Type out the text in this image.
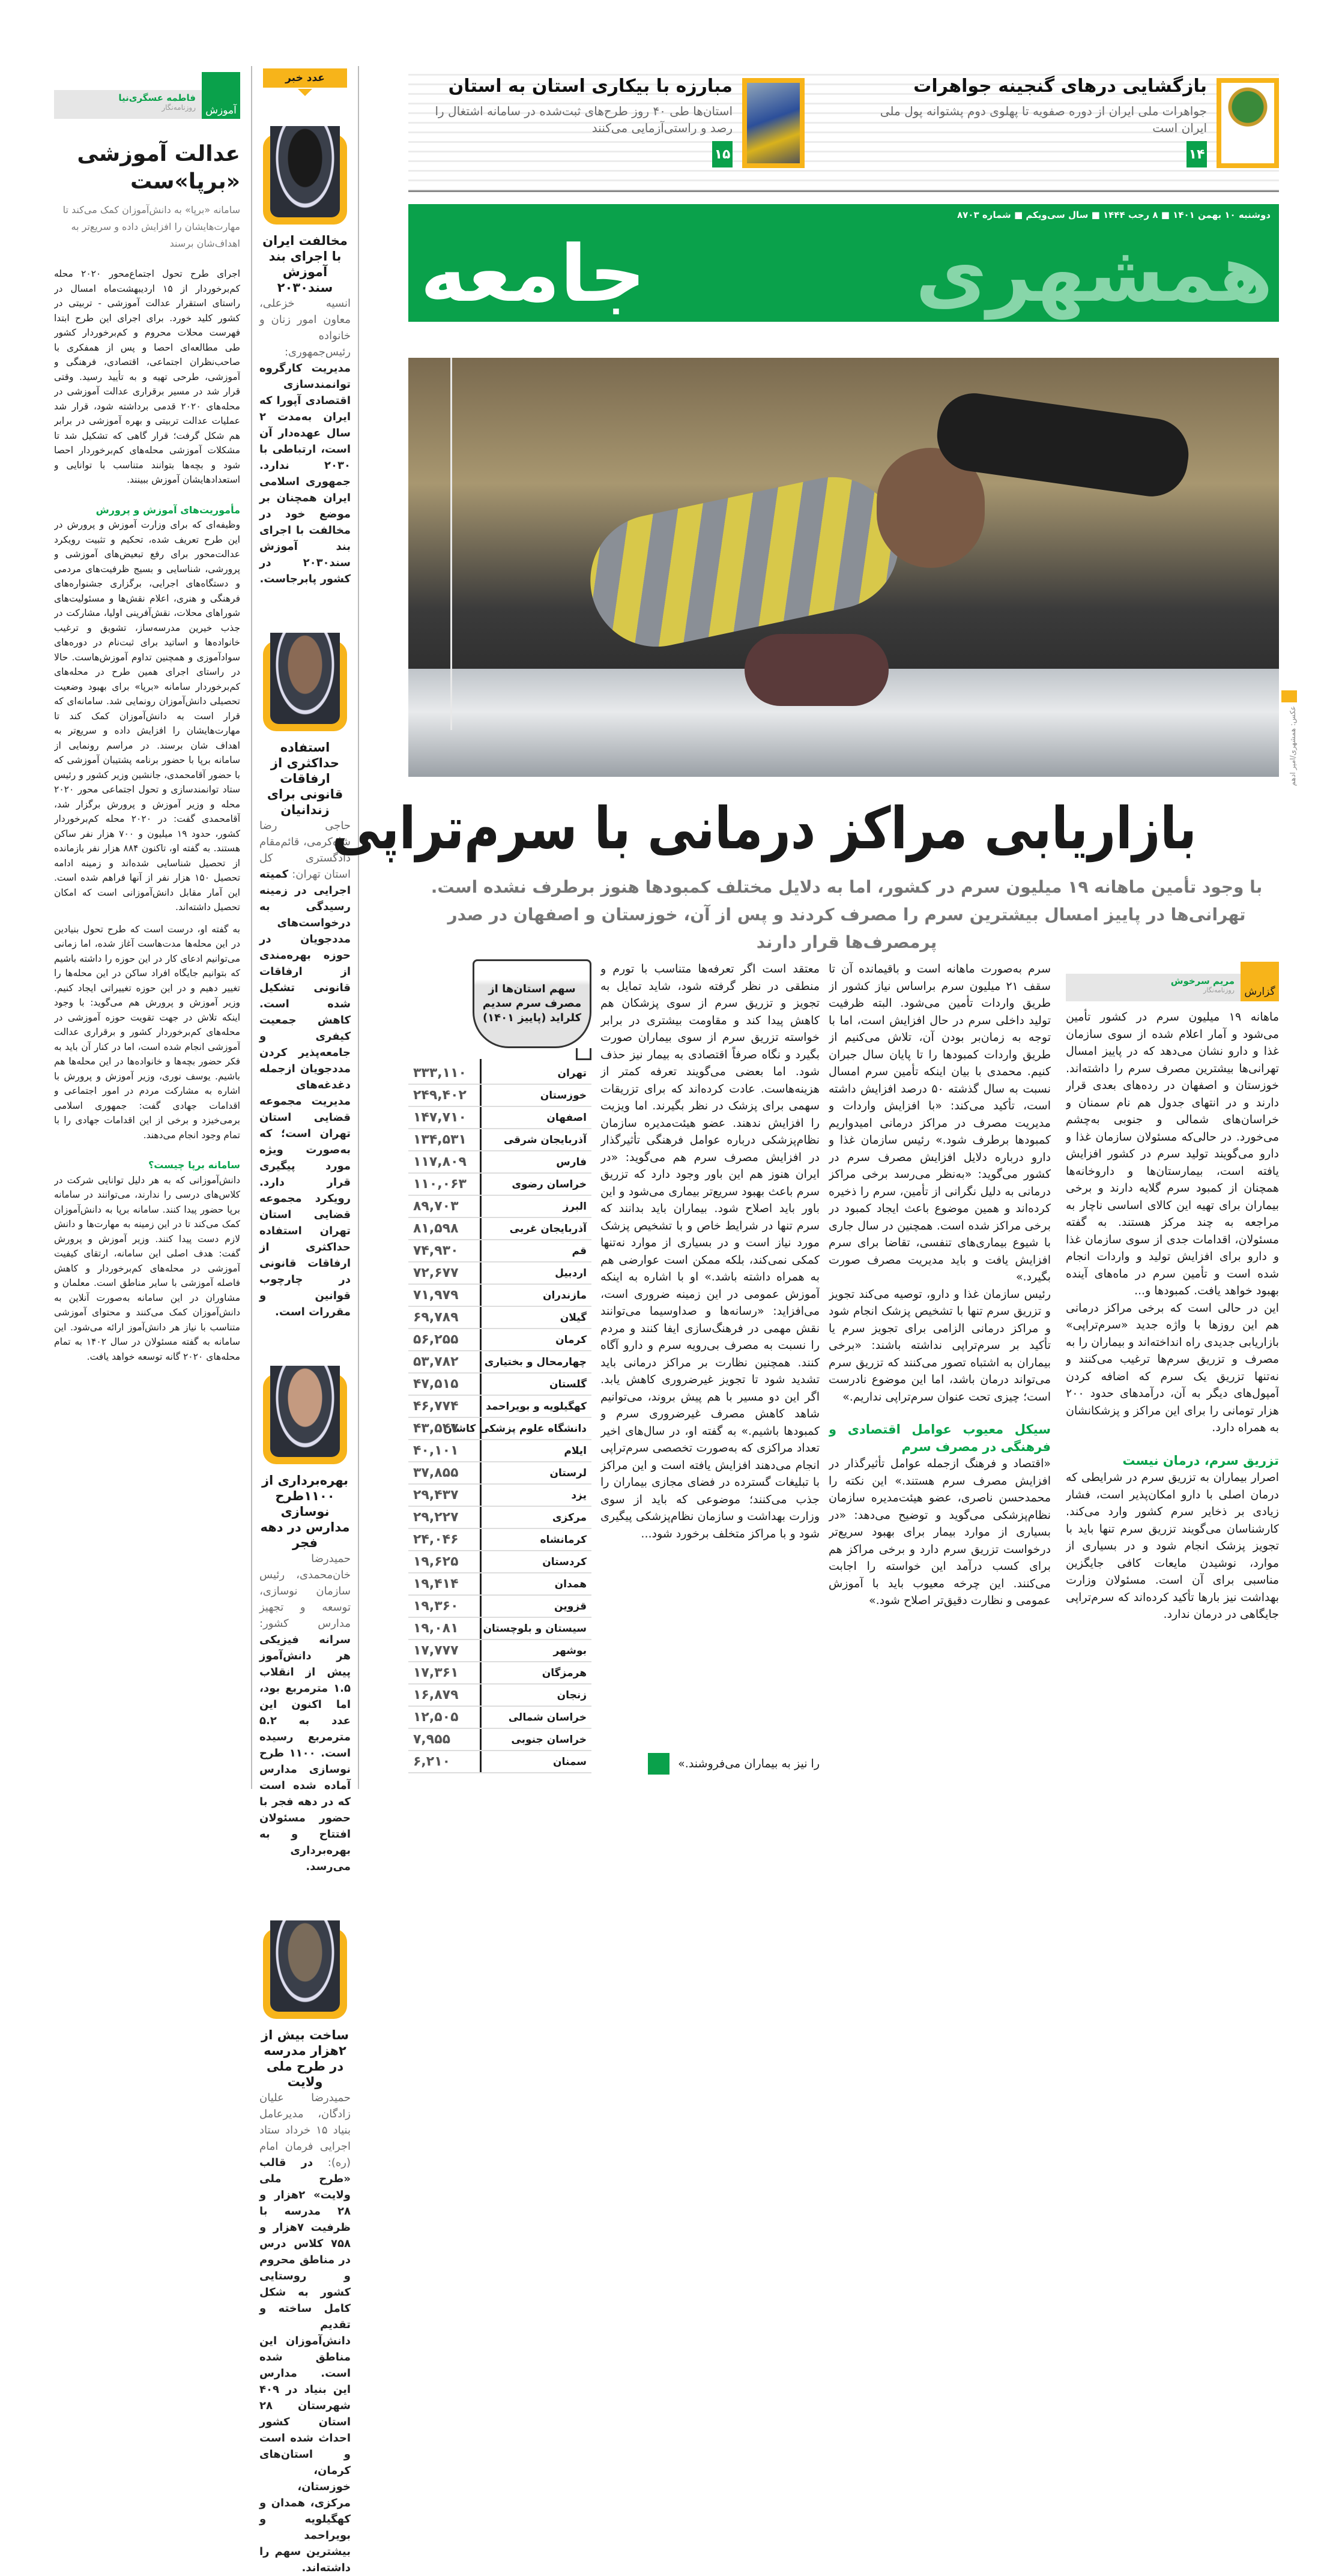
آموزش
فاطمه عسگری‌نیا
روزنامه‌نگار
عدالت آموزشی «برپا»ست
سامانه «برپا» به دانش‌آموزان کمک می‌کند تا مهارت‌هایشان را افزایش داده و سریع‌تر به اهداف‌شان برسند

اجرای طرح تحول اجتماع‌محور ۲۰۲۰ محله کم‌برخوردار از ۱۵ اردیبهشت‌ماه امسال در راستای استقرار عدالت آموزشی - تربیتی در کشور کلید خورد. برای اجرای این طرح ابتدا فهرست محلات محروم و کم‌برخوردار کشور طی مطالعه‌ای احصا و پس از همفکری با صاحب‌نظران اجتماعی، اقتصادی، فرهنگی و آموزشی، طرحی تهیه و به تأیید رسید. وقتی قرار شد در مسیر برقراری عدالت آموزشی در محله‌های ۲۰۲۰ قدمی برداشته شود، قرار شد عملیات عدالت تربیتی و بهره آموزشی در برابر هم شکل گرفت؛ قرار گاهی که تشکیل شد تا مشکلات آموزشی محله‌های کم‌برخوردار احصا شود و بچه‌ها بتوانند متناسب با توانایی و استعدادهایشان آموزش ببینند.

مأموریت‌های آموزش و پرورش

وظیفه‌ای که برای وزارت آموزش و پرورش در این طرح تعریف شده، تحکیم و تثبیت رویکرد عدالت‌محور برای رفع تبعیض‌های آموزشی و پرورشی، شناسایی و بسیج ظرفیت‌های مردمی و دستگاه‌های اجرایی، برگزاری جشنواره‌های فرهنگی و هنری، اعلام نقش‌ها و مسئولیت‌های شوراهای محلات، نقش‌آفرینی اولیا، مشارکت در جذب خیرین مدرسه‌ساز، تشویق و ترغیب خانواده‌ها و اساتید برای ثبت‌نام در دوره‌های سوادآموزی و همچنین تداوم آموزش‌هاست. حالا در راستای اجرای همین طرح در محله‌های کم‌برخوردار سامانه «برپا» برای بهبود وضعیت تحصیلی دانش‌آموزان رونمایی شد. سامانه‌ای که قرار است به دانش‌آموزان کمک کند تا مهارت‌هایشان را افزایش داده و سریع‌تر به اهداف شان برسند. در مراسم رونمایی از سامانه برپا با حضور برنامه پشتیبان آموزشی که با حضور آقامحمدی، جانشین وزیر کشور و رئیس ستاد توانمندسازی و تحول اجتماعی محور ۲۰۲۰ محله و وزیر آموزش و پرورش برگزار شد، آقامحمدی گفت: در ۲۰۲۰ محله کم‌برخوردار کشور، حدود ۱۹ میلیون و ۷۰۰ هزار نفر ساکن هستند. به گفته او، تاکنون ۸۸۴ هزار نفر بازمانده از تحصیل شناسایی شده‌اند و زمینه ادامه تحصیل ۱۵۰ هزار نفر از آنها فراهم شده است. این آمار مقابل دانش‌آموزانی است که امکان تحصیل داشته‌اند.

به گفته او، درست است که طرح تحول بنیادین در این محله‌ها مدت‌هاست آغاز شده، اما زمانی می‌توانیم ادعای کار در این حوزه را داشته باشیم که بتوانیم جایگاه افراد ساکن در این محله‌ها را تغییر دهیم و در این حوزه تغییراتی ایجاد کنیم. وزیر آموزش و پرورش هم می‌گوید: با وجود اینکه تلاش در جهت تقویت حوزه آموزشی در محله‌های کم‌برخوردار کشور و برقراری عدالت آموزشی انجام شده است، اما در کنار آن باید به فکر حضور بچه‌ها و خانواده‌ها در این محله‌ها هم باشیم. یوسف نوری، وزیر آموزش و پرورش با اشاره به مشارکت مردم در امور اجتماعی و اقدامات جهادی گفت: جمهوری اسلامی برمی‌خیزد و برخی از این اقدامات جهادی را با تمام وجود انجام می‌دهند.

سامانه برپا چیست؟

دانش‌آموزانی که به هر دلیل توانایی شرکت در کلاس‌های درسی را ندارند، می‌توانند در سامانه برپا حضور پیدا کنند. سامانه برپا به دانش‌آموزان کمک می‌کند تا در این زمینه به مهارت‌ها و دانش لازم دست پیدا کنند. وزیر آموزش و پرورش گفت: هدف اصلی این سامانه، ارتقای کیفیت آموزشی در محله‌های کم‌برخوردار و کاهش فاصله آموزشی با سایر مناطق است. معلمان و مشاوران در این سامانه به‌صورت آنلاین به دانش‌آموزان کمک می‌کنند و محتوای آموزشی متناسب با نیاز هر دانش‌آموز ارائه می‌شود. این سامانه به گفته مسئولان در سال ۱۴۰۲ به تمام محله‌های ۲۰۲۰ گانه توسعه خواهد یافت.

عدد خبر
مخالفت ایران با اجرای بند آموزش سند۲۰۳۰
انسیه خزعلی، معاون امور زنان و خانواده رئیس‌جمهوری: مدیریت کارگروه توانمندسازی اقتصادی آپورا که ایران به‌مدت ۲ سال عهده‌دار آن است، ارتباطی با ۲۰۳۰ ندارد. جمهوری اسلامی ایران همچنان بر موضع خود در مخالفت با اجرای بند آموزش سند۲۰۳۰ در کشور پابرجاست.
استفاده حداکثری از ارفاقات قانونی برای زندانیان
حاجی رضا شاه‌کرمی، قائم‌مقام دادگستری کل استان تهران: کمیته اجرایی در زمینه رسیدگی به درخواست‌های مددجویان در حوزه بهره‌مندی از ارفاقات قانونی تشکیل شده است. کاهش جمعیت کیفری و جامعه‌پذیر کردن مددجویان ازجمله دغدغه‌های مدیریت مجموعه قضایی استان تهران است؛ که به‌صورت ویژه مورد پیگیری قرار دارد. رویکرد مجموعه قضایی استان تهران استفاده حداکثری از ارفاقات قانونی در چارچوب قوانین و مقررات است.
بهره‌برداری از ۱۱۰۰طرح نوسازی مدارس در دهه فجر
حمیدرضا خان‌محمدی، رئیس سازمان نوسازی، توسعه و تجهیز مدارس کشور: سرانه فیزیکی هر دانش‌آموز پیش از انقلاب ۱.۵ مترمربع بود، اما اکنون این عدد به ۵.۲ مترمربع رسیده است. ۱۱۰۰ طرح نوسازی مدارس آماده شده است که در دهه فجر با حضور مسئولان افتتاح و به بهره‌برداری می‌رسد.
ساخت بیش از ۲هزار مدرسه در طرح ملی ولایت
حمیدرضا علیان زادگان، مدیرعامل بنیاد ۱۵ خرداد ستاد اجرایی فرمان امام (ره): در قالب «طرح ملی ولایت» ۲هزار و ۲۸ مدرسه با ظرفیت ۷هزار و ۷۵۸ کلاس درس در مناطق محروم و روستایی کشور به شکل کامل ساخته و تقدیم دانش‌آموزان این مناطق شده است. مدارس این بنیاد در ۴۰۹ شهرستان ۲۸ استان کشور احداث شده است و استان‌های کرمان، خوزستان، مرکزی، همدان و کهگیلویه و بویراحمد بیشترین سهم را داشته‌اند.
بازگشایی درهای گنجینه جواهرات
جواهرات ملی ایران از دوره صفویه تا پهلوی دوم پشتوانه پول ملی ایران است
۱۴
مبارزه با بیکاری استان به استان
استان‌ها طی ۴۰ روز طرح‌های ثبت‌شده در سامانه اشتغال را رصد و راستی‌آزمایی می‌کنند
۱۵
دوشنبه ۱۰ بهمن ۱۴۰۱ ■ ۸ رجب ۱۴۴۴ ■ سال سی‌ویکم ■ شماره ۸۷۰۳
همشهری
جامعه
عکس: همشهری/امیر ادهم
بازاریابی مراکز درمانی با سرم‌تراپی
با وجود تأمین ماهانه ۱۹ میلیون سرم در کشور، اما به دلایل مختلف کمبودها هنوز برطرف نشده است. تهرانی‌ها در پاییز امسال بیشترین سرم را مصرف کردند و پس از آن، خوزستان و اصفهان در صدر پرمصرف‌ها قرار دارند
گزارش
مریم سرخوش
روزنامه‌نگار

ماهانه ۱۹ میلیون سرم در کشور تأمین می‌شود و آمار اعلام شده از سوی سازمان غذا و دارو نشان می‌دهد که در پاییز امسال تهرانی‌ها بیشترین مصرف سرم را داشته‌اند. خوزستان و اصفهان در رده‌های بعدی قرار دارند و در انتهای جدول هم نام سمنان و خراسان‌های شمالی و جنوبی به‌چشم می‌خورد. در حالی‌که مسئولان سازمان غذا و دارو می‌گویند تولید سرم در کشور افزایش یافته است، بیمارستان‌ها و داروخانه‌ها همچنان از کمبود سرم گلایه دارند و برخی بیماران برای تهیه این کالای اساسی ناچار به مراجعه به چند مرکز هستند. به گفته مسئولان، اقدامات جدی از سوی سازمان غذا و دارو برای افزایش تولید و واردات انجام شده است و تأمین سرم در ماه‌های آینده بهبود خواهد یافت. کمبودها و...

این در حالی است که برخی مراکز درمانی هم این روزها با واژه جدید «سرم‌تراپی» بازاریابی جدیدی راه انداخته‌اند و بیماران را به مصرف و تزریق سرم‌ها ترغیب می‌کنند و نه‌تنها تزریق یک سرم که اضافه کردن آمپول‌های دیگر به آن، درآمدهای حدود ۲۰۰ هزار تومانی را برای این مراکز و پزشکانشان به همراه دارد.

تزریق سرم، درمان نیست

اصرار بیماران به تزریق سرم در شرایطی که درمان اصلی با دارو امکان‌پذیر است، فشار زیادی بر ذخایر سرم کشور وارد می‌کند. کارشناسان می‌گویند تزریق سرم تنها باید با تجویز پزشک انجام شود و در بسیاری از موارد، نوشیدن مایعات کافی جایگزین مناسبی برای آن است. مسئولان وزارت بهداشت نیز بارها تأکید کرده‌اند که سرم‌تراپی جایگاهی در درمان ندارد.

سرم به‌صورت ماهانه است و باقیمانده آن تا سقف ۲۱ میلیون سرم براساس نیاز کشور از طریق واردات تأمین می‌شود. البته ظرفیت تولید داخلی سرم در حال افزایش است، اما با توجه به زمان‌بر بودن آن، تلاش می‌کنیم از طریق واردات کمبودها را تا پایان سال جبران کنیم. محمدی با بیان اینکه تأمین سرم امسال نسبت به سال گذشته ۵۰ درصد افزایش داشته است، تأکید می‌کند: «با افزایش واردات و مدیریت مصرف در مراکز درمانی امیدواریم کمبودها برطرف شود.» رئیس سازمان غذا و دارو درباره دلایل افزایش مصرف سرم در کشور می‌گوید: «به‌نظر می‌رسد برخی مراکز درمانی به دلیل نگرانی از تأمین، سرم را ذخیره کرده‌اند و همین موضوع باعث ایجاد کمبود در برخی مراکز شده است. همچنین در سال جاری با شیوع بیماری‌های تنفسی، تقاضا برای سرم افزایش یافت و باید مدیریت مصرف صورت بگیرد.»

رئیس سازمان غذا و دارو، توصیه می‌کند تجویز و تزریق سرم تنها با تشخیص پزشک انجام شود و مراکز درمانی الزامی برای تجویز سرم یا تأکید بر سرم‌تراپی نداشته باشند: «برخی بیماران به اشتباه تصور می‌کنند که تزریق سرم می‌تواند درمان باشد، اما این موضوع نادرست است؛ چیزی تحت عنوان سرم‌تراپی نداریم.»

سیکل معیوب عوامل اقتصادی و فرهنگی در مصرف سرم

«اقتصاد و فرهنگ ازجمله عوامل تأثیرگذار در افزایش مصرف سرم هستند.» این نکته را محمدحسن ناصری، عضو هیئت‌مدیره سازمان نظام‌پزشکی می‌گوید و توضیح می‌دهد: «در بسیاری از موارد بیمار برای بهبود سریع‌تر درخواست تزریق سرم دارد و برخی مراکز هم برای کسب درآمد این خواسته را اجابت می‌کنند. این چرخه معیوب باید با آموزش عمومی و نظارت دقیق‌تر اصلاح شود.»

معتقد است اگر تعرفه‌ها متناسب با تورم و منطقی در نظر گرفته شود، شاید تمایل به تجویز و تزریق سرم از سوی پزشکان هم کاهش پیدا کند و مقاومت بیشتری در برابر خواسته تزریق سرم از سوی بیماران صورت بگیرد و نگاه صرفاً اقتصادی به بیمار نیز حذف شود. اما بعضی می‌گویند تعرفه کمتر از هزینه‌هاست. عادت کرده‌اند که برای تزریقات سهمی برای پزشک در نظر بگیرند. اما ویزیت را افزایش ندهند. عضو هیئت‌مدیره سازمان نظام‌پزشکی درباره عوامل فرهنگی تأثیرگذار در افزایش مصرف سرم هم می‌گوید: «در ایران هنوز هم این باور وجود دارد که تزریق سرم باعث بهبود سریع‌تر بیماری می‌شود و این باور باید اصلاح شود. بیماران باید بدانند که سرم تنها در شرایط خاص و با تشخیص پزشک مورد نیاز است و در بسیاری از موارد نه‌تنها کمکی نمی‌کند، بلکه ممکن است عوارضی هم به همراه داشته باشد.» او با اشاره به اینکه آموزش عمومی در این زمینه ضروری است، می‌افزاید: «رسانه‌ها و صداوسیما می‌توانند نقش مهمی در فرهنگ‌سازی ایفا کنند و مردم را نسبت به مصرف بی‌رویه سرم و دارو آگاه کنند. همچنین نظارت بر مراکز درمانی باید تشدید شود تا تجویز غیرضروری کاهش یابد. اگر این دو مسیر با هم پیش بروند، می‌توانیم شاهد کاهش مصرف غیرضروری سرم و کمبودها باشیم.» به گفته او، در سال‌های اخیر تعداد مراکزی که به‌صورت تخصصی سرم‌تراپی انجام می‌دهند افزایش یافته است و این مراکز با تبلیغات گسترده در فضای مجازی بیماران را جذب می‌کنند؛ موضوعی که باید از سوی وزارت بهداشت و سازمان نظام‌پزشکی پیگیری شود و با مراکز متخلف برخورد شود...

را نیز به بیماران می‌فروشند.»
سهم استان‌ها از مصرف سرم سدیم کلراید (پاییز ۱۴۰۱)
تهران
۳۳۳,۱۱۰
خوزستان
۲۴۹,۴۰۲
اصفهان
۱۴۷,۷۱۰
آذربایجان شرقی
۱۳۴,۵۳۱
فارس
۱۱۷,۸۰۹
خراسان رضوی
۱۱۰,۰۶۳
البرز
۸۹,۷۰۳
آذربایجان غربی
۸۱,۵۹۸
قم
۷۴,۹۳۰
اردبیل
۷۲,۶۷۷
مازندران
۷۱,۹۷۹
گیلان
۶۹,۷۸۹
کرمان
۵۶,۲۵۵
چهارمحال و بختیاری
۵۳,۷۸۲
گلستان
۴۷,۵۱۵
کهگیلویه و بویراحمد
۴۶,۷۷۴
دانشگاه علوم پزشکی کاشان
۴۳,۵۴۷
ایلام
۴۰,۱۰۱
لرستان
۳۷,۸۵۵
یزد
۲۹,۴۳۷
مرکزی
۲۹,۲۲۷
کرمانشاه
۲۴,۰۴۶
کردستان
۱۹,۶۲۵
همدان
۱۹,۴۱۴
قزوین
۱۹,۳۶۰
سیستان و بلوچستان
۱۹,۰۸۱
بوشهر
۱۷,۷۷۷
هرمزگان
۱۷,۳۶۱
زنجان
۱۶,۸۷۹
خراسان شمالی
۱۲,۵۰۵
خراسان جنوبی
۷,۹۵۵
سمنان
۶,۲۱۰
